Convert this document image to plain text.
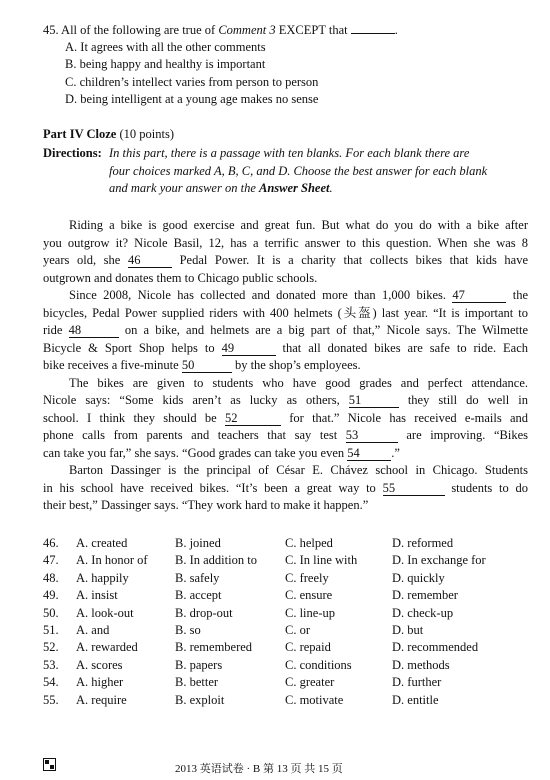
45. All of the following are true of Comment 3 EXCEPT that	.
A. It agrees with all the other comments
B. being happy and healthy is important
C. children’s intellect varies from person to person
D. being intelligent at a young age makes no sense
Part IV Cloze (10 points)
Directions: In this part, there is a passage with ten blanks. For each blank there are
four choices marked A, B, C, and D. Choose the best answer for each blank
and mark your answer on the Answer Sheet.
Riding a bike is good exercise and great fun. But what do you do with a bike after
you outgrow it? Nicole Basil, 12, has a terrific answer to this question. When she was 8
years old, she 46	Pedal Power. It is a charity that collects bikes that kids have
outgrown and donates them to Chicago public schools.
Since 2008, Nicole has collected and donated more than 1,000 bikes. 47	the
bicycles, Pedal Power supplied riders with 400 helmets (头盔) last year. “It is important to
ride 48	on a bike, and helmets are a big part of that,” Nicole says. The Wilmette
Bicycle & Sport Shop helps to 49	that all donated bikes are safe to ride. Each
bike receives a five-minute 50	by the shop’s employees.
The bikes are given to students who have good grades and perfect attendance.
Nicole says: “Some kids aren’t as lucky as others, 51	they still do well in
school. I think they should be 52	for that.” Nicole has received e-mails and
phone calls from parents and teachers that say test 53	are improving. “Bikes
can take you far,” she says. “Good grades can take you even 54	.”
Barton Dassinger is the principal of César E. Chávez school in Chicago. Students
in his school have received bikes. “It’s been a great way to 55	students to do
their best,” Dassinger says. “They work hard to make it happen.”
46. A. created	B. joined	C. helped	D. reformed
47. A. In honor of B. In addition to C. In line with	D. In exchange for
48. A. happily	B. safely	C. freely	D. quickly
49. A. insist	B. accept	C. ensure	D. remember
50. A. look-out	B. drop-out	C. line-up	D. check-up
51. A. and	B. so	C. or	D. but
52. A. rewarded	B. remembered	C. repaid	D. recommended
53. A. scores	B. papers	C. conditions	D. methods
54. A. higher	B. better	C. greater	D. further
55. A. require	B. exploit	C. motivate	D. entitle
2013 英语试卷 · B 第 13 页 共 15 页
